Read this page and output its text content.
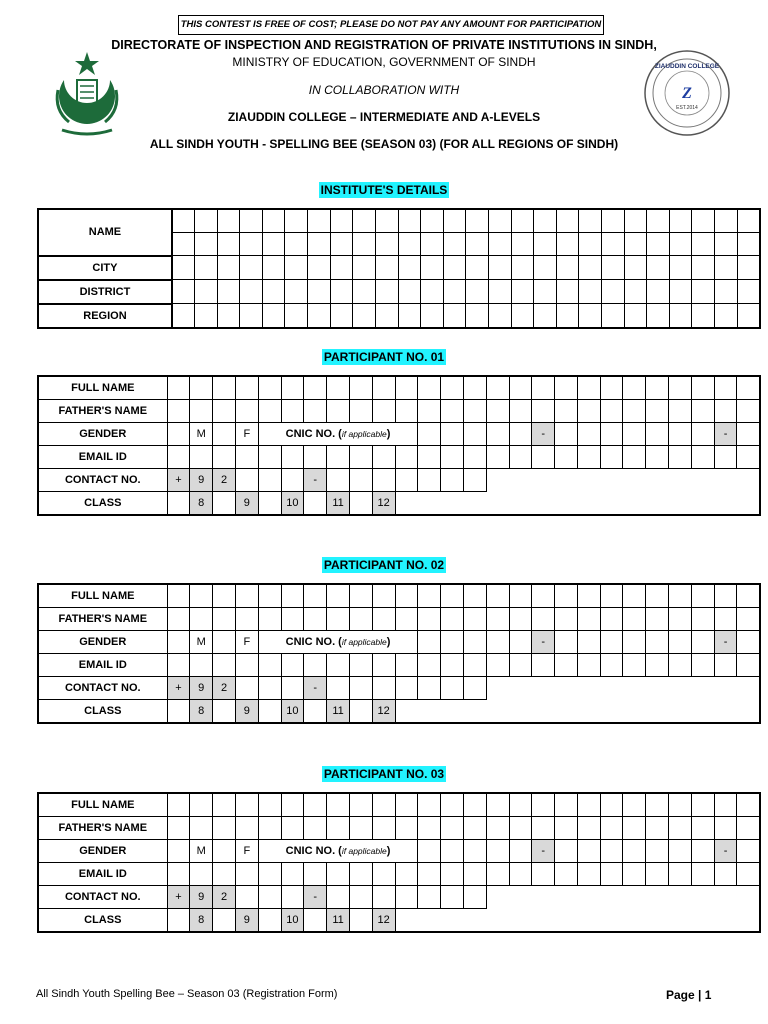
THIS CONTEST IS FREE OF COST; PLEASE DO NOT PAY ANY AMOUNT FOR PARTICIPATION
ZIAUDDIN COLLEGE
Z
EST.2014
DIRECTORATE OF INSPECTION AND REGISTRATION OF PRIVATE INSTITUTIONS IN SINDH,
MINISTRY OF EDUCATION, GOVERNMENT OF SINDH
IN COLLABORATION WITH
ZIAUDDIN COLLEGE – INTERMEDIATE AND A-LEVELS
ALL SINDH YOUTH - SPELLING BEE (SEASON 03) (FOR ALL REGIONS OF SINDH)
INSTITUTE'S DETAILS
NAME																										

CITY																										
DISTRICT																										
REGION																										
PARTICIPANT NO. 01
FULL NAME																										
FATHER'S NAME																										
GENDER		M		F	CNIC NO. (if applicable)												-								-	
EMAIL ID																										
CONTACT NO.	+	9	2				-																			
CLASS		8		9		10		11		12																
PARTICIPANT NO. 02
FULL NAME																										
FATHER'S NAME																										
GENDER		M		F	CNIC NO. (if applicable)												-								-	
EMAIL ID																										
CONTACT NO.	+	9	2				-																			
CLASS		8		9		10		11		12																
PARTICIPANT NO. 03
FULL NAME																										
FATHER'S NAME																										
GENDER		M		F	CNIC NO. (if applicable)												-								-	
EMAIL ID																										
CONTACT NO.	+	9	2				-																			
CLASS		8		9		10		11		12																
All Sindh Youth Spelling Bee – Season 03 (Registration Form)	Page | 1
